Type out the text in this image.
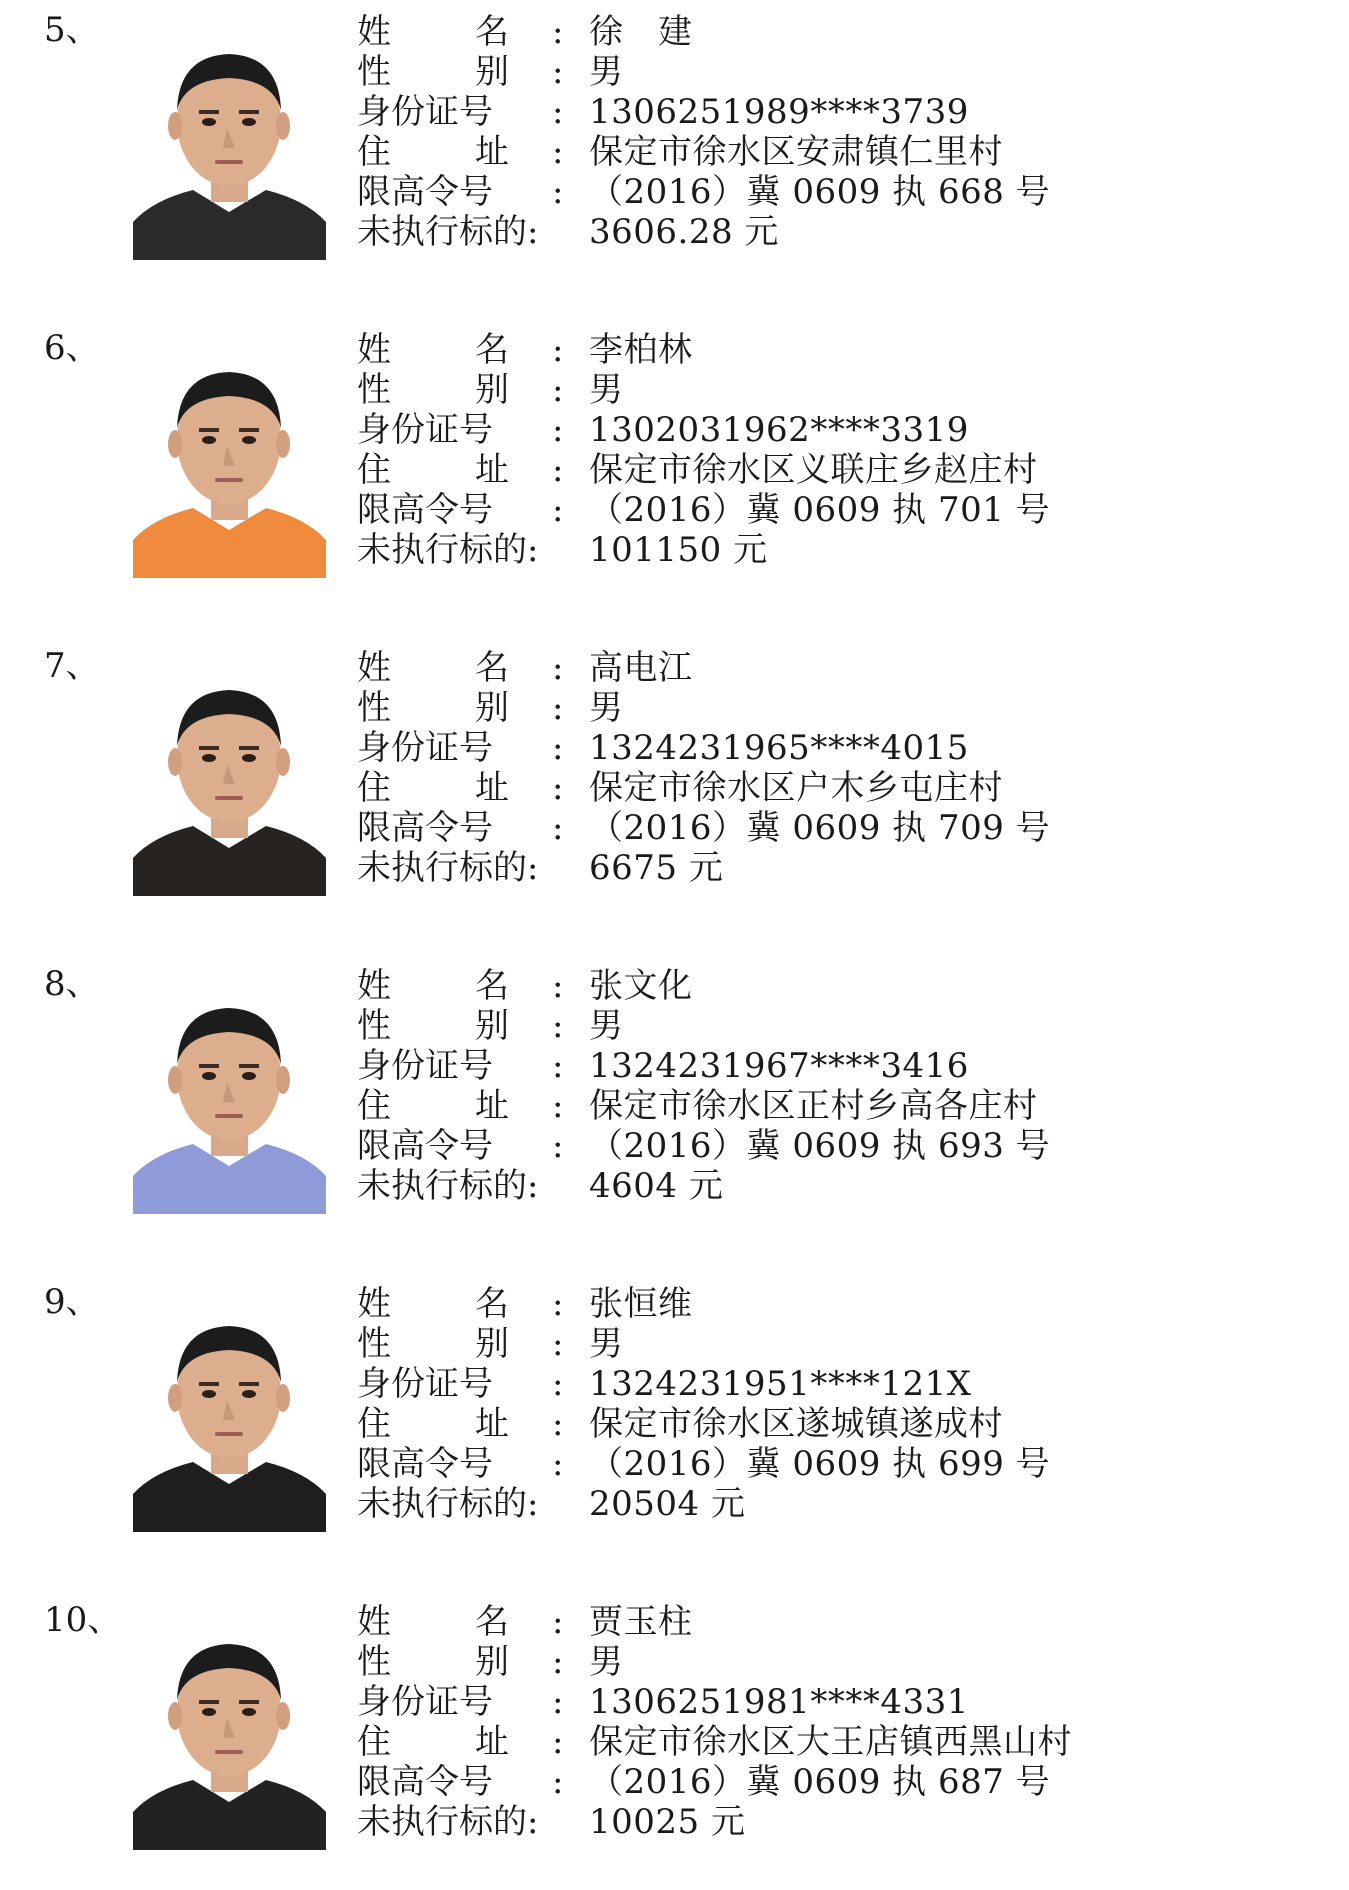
5、	姓 名 : 徐　建
性 别 : 男
身份证号	: 1306251989****3739
住 址 : 保定市徐水区安肃镇仁里村
限高令号	: （2016）冀 0609 执 668 号
未执行标的: 3606.28 元
6、	姓 名 : 李柏林
性 别 : 男
身份证号	: 1302031962****3319
住 址 : 保定市徐水区义联庄乡赵庄村
限高令号	: （2016）冀 0609 执 701 号
未执行标的: 101150 元
7、	姓 名 : 高电江
性 别 : 男
身份证号	: 1324231965****4015
住 址 : 保定市徐水区户木乡屯庄村
限高令号	: （2016）冀 0609 执 709 号
未执行标的: 6675 元
8、	姓 名 : 张文化
性 别 : 男
身份证号	: 1324231967****3416
住 址 : 保定市徐水区正村乡高各庄村
限高令号	: （2016）冀 0609 执 693 号
未执行标的: 4604 元
9、	姓 名 : 张恒维
性 别 : 男
身份证号	: 1324231951****121X
住 址 : 保定市徐水区遂城镇遂成村
限高令号	: （2016）冀 0609 执 699 号
未执行标的: 20504 元
10、	姓 名 : 贾玉柱
性 别 : 男
身份证号	: 1306251981****4331
住 址 : 保定市徐水区大王店镇西黑山村
限高令号	: （2016）冀 0609 执 687 号
未执行标的: 10025 元
